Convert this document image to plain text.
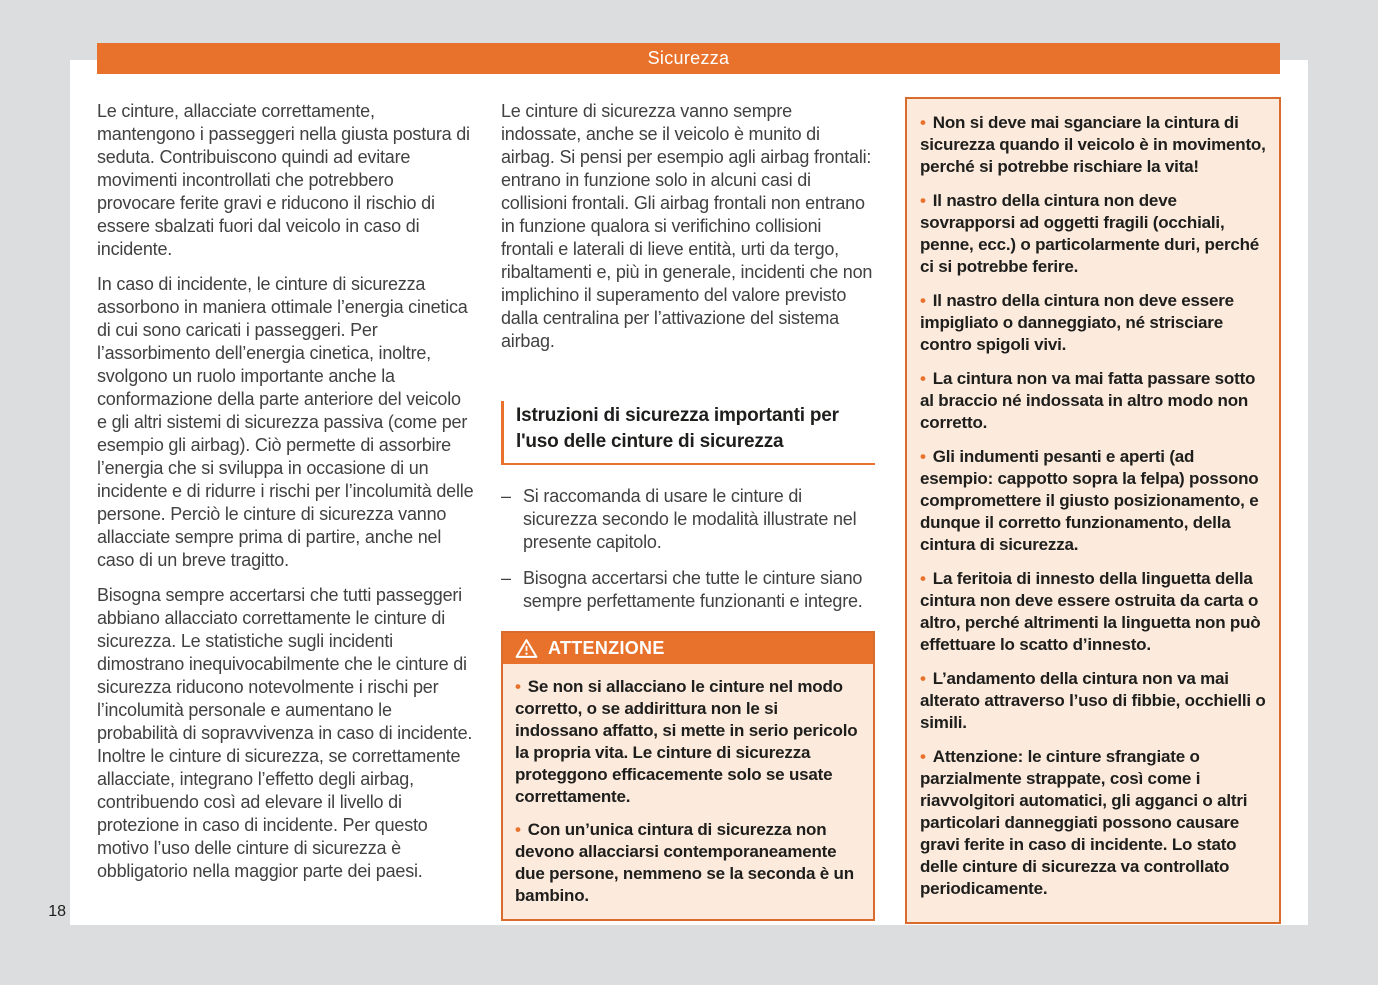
Sicurezza
18

Le cinture, allacciate correttamente, mantengono i passeggeri nella giusta postura di seduta. Contribuiscono quindi ad evitare movimenti incontrollati che potrebbero provocare ferite gravi e riducono il rischio di essere sbalzati fuori dal veicolo in caso di incidente.

In caso di incidente, le cinture di sicurezza assorbono in maniera ottimale l’energia cinetica di cui sono caricati i passeggeri. Per l’assorbimento dell’energia cinetica, inoltre, svolgono un ruolo importante anche la conformazione della parte anteriore del veicolo e gli altri sistemi di sicurezza passiva (come per esempio gli airbag). Ciò permette di assorbire l’energia che si sviluppa in occasione di un incidente e di ridurre i rischi per l’incolumità delle persone. Perciò le cinture di sicurezza vanno allacciate sempre prima di partire, anche nel caso di un breve tragitto.

Bisogna sempre accertarsi che tutti passeggeri abbiano allacciato correttamente le cinture di sicurezza. Le statistiche sugli incidenti dimostrano inequivocabilmente che le cinture di sicurezza riducono notevolmente i rischi per l’incolumità personale e aumentano le probabilità di sopravvivenza in caso di incidente. Inoltre le cinture di sicurezza, se correttamente allacciate, integrano l’effetto degli airbag, contribuendo così ad elevare il livello di protezione in caso di incidente. Per questo motivo l’uso delle cinture di sicurezza è obbligatorio nella maggior parte dei paesi.

Le cinture di sicurezza vanno sempre indossate, anche se il veicolo è munito di airbag. Si pensi per esempio agli airbag frontali: entrano in funzione solo in alcuni casi di collisioni frontali. Gli airbag frontali non entrano in funzione qualora si verifichino collisioni frontali e laterali di lieve entità, urti da tergo, ribaltamenti e, più in generale, incidenti che non implichino il superamento del valore previsto dalla centralina per l’attivazione del sistema airbag.

Istruzioni di sicurezza importanti per l'uso delle cinture di sicurezza
– Si raccomanda di usare le cinture di sicurezza secondo le modalità illustrate nel presente capitolo.
– Bisogna accertarsi che tutte le cinture siano sempre perfettamente funzionanti e integre.
ATTENZIONE

• Se non si allacciano le cinture nel modo corretto, o se addirittura non le si indossano affatto, si mette in serio pericolo la propria vita. Le cinture di sicurezza proteggono efficacemente solo se usate correttamente.

• Con un’unica cintura di sicurezza non devono allacciarsi contemporaneamente due persone, nemmeno se la seconda è un bambino.

• Non si deve mai sganciare la cintura di sicurezza quando il veicolo è in movimento, perché si potrebbe rischiare la vita!

• Il nastro della cintura non deve sovrapporsi ad oggetti fragili (occhiali, penne, ecc.) o particolarmente duri, perché ci si potrebbe ferire.

• Il nastro della cintura non deve essere impigliato o danneggiato, né strisciare contro spigoli vivi.

• La cintura non va mai fatta passare sotto al braccio né indossata in altro modo non corretto.

• Gli indumenti pesanti e aperti (ad esempio: cappotto sopra la felpa) possono compromettere il giusto posizionamento, e dunque il corretto funzionamento, della cintura di sicurezza.

• La feritoia di innesto della linguetta della cintura non deve essere ostruita da carta o altro, perché altrimenti la linguetta non può effettuare lo scatto d’innesto.

• L’andamento della cintura non va mai alterato attraverso l’uso di fibbie, occhielli o simili.

• Attenzione: le cinture sfrangiate o parzialmente strappate, così come i riavvolgitori automatici, gli agganci o altri particolari danneggiati possono causare gravi ferite in caso di incidente. Lo stato delle cinture di sicurezza va controllato periodicamente.
